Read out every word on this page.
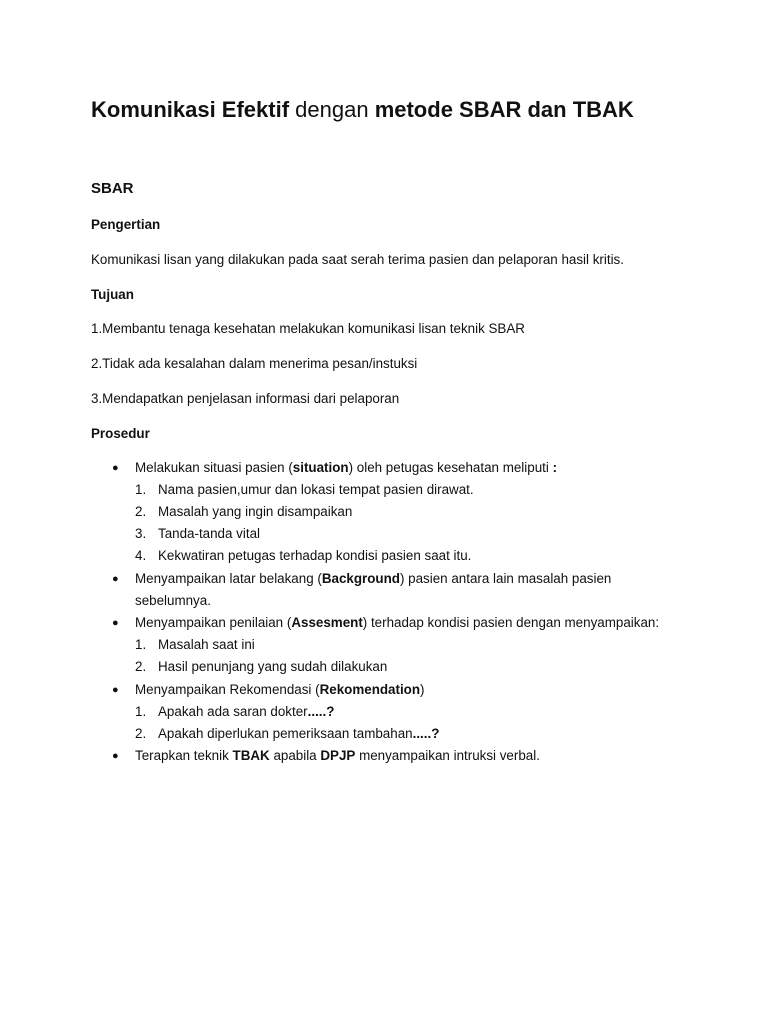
Komunikasi Efektif dengan metode SBAR dan TBAK
SBAR
Pengertian
Komunikasi lisan yang dilakukan pada saat serah terima pasien dan pelaporan hasil kritis.
Tujuan
1.Membantu tenaga kesehatan melakukan komunikasi lisan teknik SBAR
2.Tidak ada kesalahan dalam menerima pesan/instuksi
3.Mendapatkan penjelasan informasi dari pelaporan
Prosedur
● Melakukan situasi pasien (situation) oleh petugas kesehatan meliputi :
1. Nama pasien,umur dan lokasi tempat pasien dirawat.
2. Masalah yang ingin disampaikan
3. Tanda-tanda vital
4. Kekwatiran petugas terhadap kondisi pasien saat itu.
● Menyampaikan latar belakang (Background) pasien antara lain masalah pasien
sebelumnya.
● Menyampaikan penilaian (Assesment) terhadap kondisi pasien dengan menyampaikan:
1. Masalah saat ini
2. Hasil penunjang yang sudah dilakukan
● Menyampaikan Rekomendasi (Rekomendation)
1. Apakah ada saran dokter.....?
2. Apakah diperlukan pemeriksaan tambahan.....?
● Terapkan teknik TBAK apabila DPJP menyampaikan intruksi verbal.
